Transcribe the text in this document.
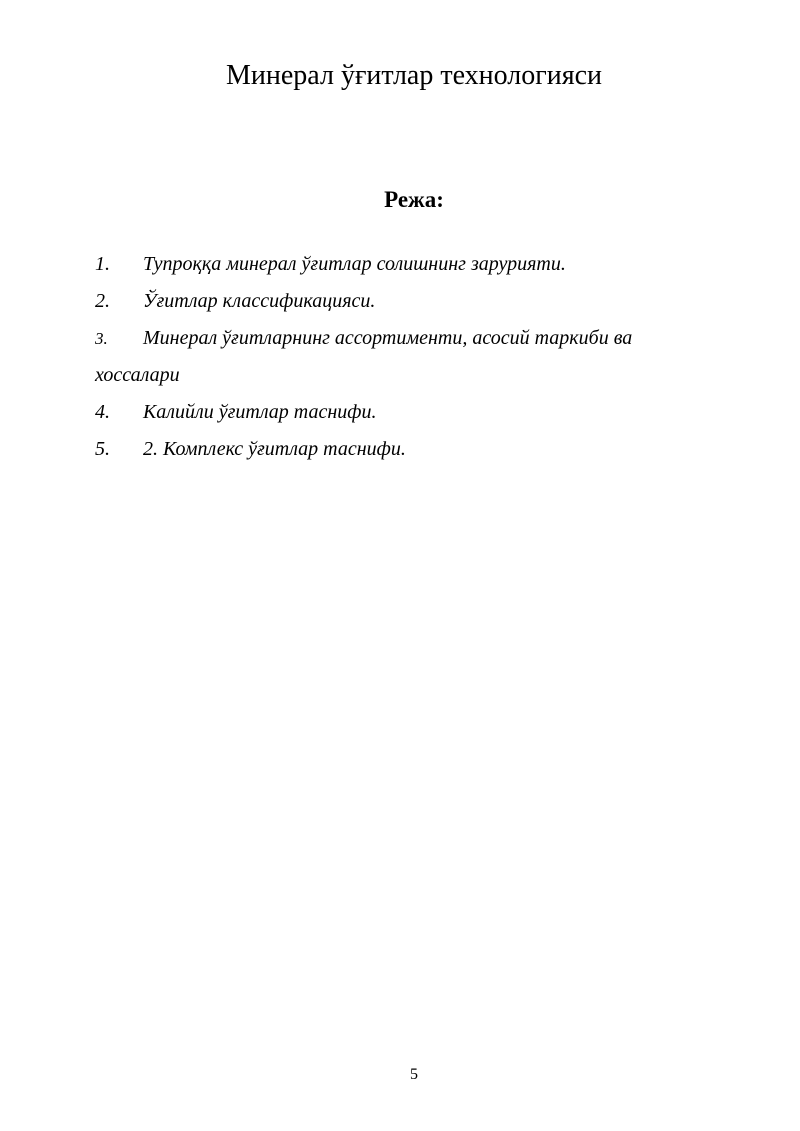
Минерал ўғитлар технологияси
Режа:
1. Тупроққа минерал ўғитлар солишнинг зарурияти.
2. Ўғитлар классификацияси.
3. Минерал ўғитларнинг ассортименти, асосий таркиби ва
хоссалари
4. Калийли ўғитлар таснифи.
5. 2. Комплекс ўғитлар таснифи.
5
